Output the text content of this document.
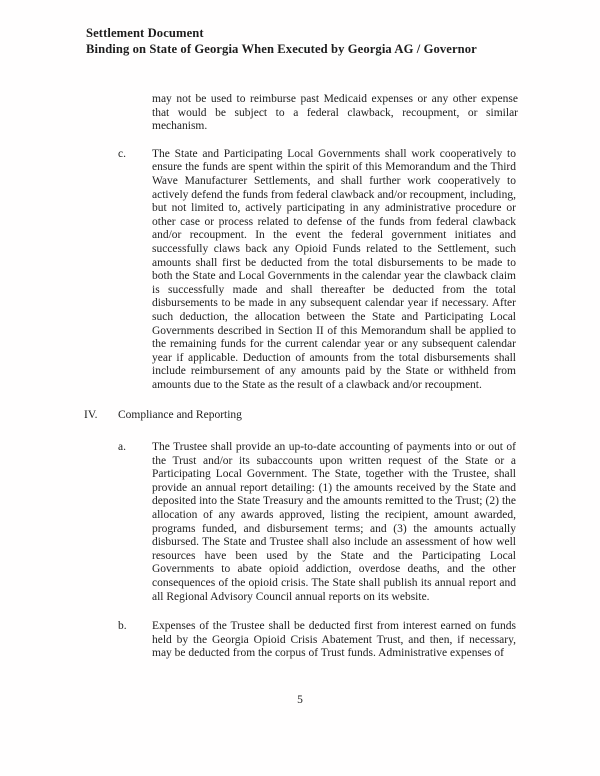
Settlement Document
Binding on State of Georgia When Executed by Georgia AG / Governor

may not be used to reimburse past Medicaid expenses or any other expense that would be subject to a federal clawback, recoupment, or similar mechanism.

c.	The State and Participating Local Governments shall work cooperatively to ensure the funds are spent within the spirit of this Memorandum and the Third Wave Manufacturer Settlements, and shall further work cooperatively to actively defend the funds from federal clawback and/or recoupment, including, but not limited to, actively participating in any administrative procedure or other case or process related to defense of the funds from federal clawback and/or recoupment. In the event the federal government initiates and successfully claws back any Opioid Funds related to the Settlement, such amounts shall first be deducted from the total disbursements to be made to both the State and Local Governments in the calendar year the clawback claim is successfully made and shall thereafter be deducted from the total disbursements to be made in any subsequent calendar year if necessary. After such deduction, the allocation between the State and Participating Local Governments described in Section II of this Memorandum shall be applied to the remaining funds for the current calendar year or any subsequent calendar year if applicable. Deduction of amounts from the total disbursements shall include reimbursement of any amounts paid by the State or withheld from amounts due to the State as the result of a clawback and/or recoupment.

IV. Compliance and Reporting
a.	The Trustee shall provide an up-to-date accounting of payments into or out of the Trust and/or its subaccounts upon written request of the State or a Participating Local Government. The State, together with the Trustee, shall provide an annual report detailing: (1) the amounts received by the State and deposited into the State Treasury and the amounts remitted to the Trust; (2) the allocation of any awards approved, listing the recipient, amount awarded, programs funded, and disbursement terms; and (3) the amounts actually disbursed. The State and Trustee shall also include an assessment of how well resources have been used by the State and the Participating Local Governments to abate opioid addiction, overdose deaths, and the other consequences of the opioid crisis. The State shall publish its annual report and all Regional Advisory Council annual reports on its website.

b.	Expenses of the Trustee shall be deducted first from interest earned on funds held by the Georgia Opioid Crisis Abatement Trust, and then, if necessary, may be deducted from the corpus of Trust funds. Administrative expenses of

5
